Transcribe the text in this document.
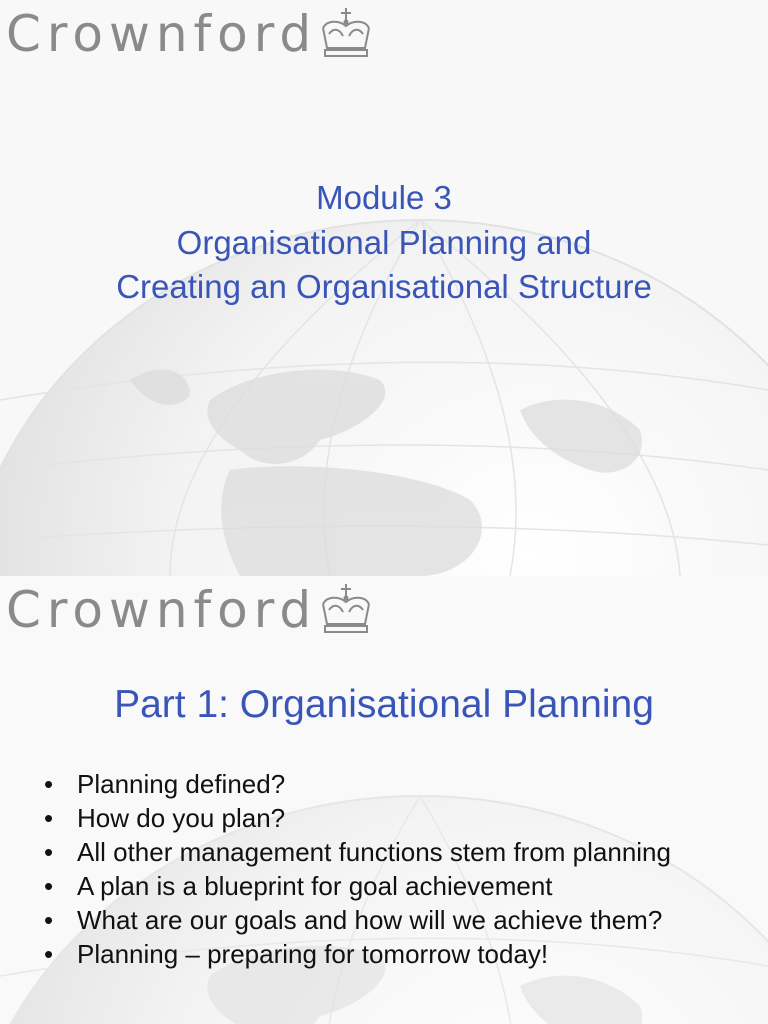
Crownford
Module 3
Organisational Planning and
Creating an Organisational Structure
Crownford
Part 1: Organisational Planning
• Planning defined?
• How do you plan?
• All other management functions stem from planning
• A plan is a blueprint for goal achievement
• What are our goals and how will we achieve them?
• Planning – preparing for tomorrow today!
